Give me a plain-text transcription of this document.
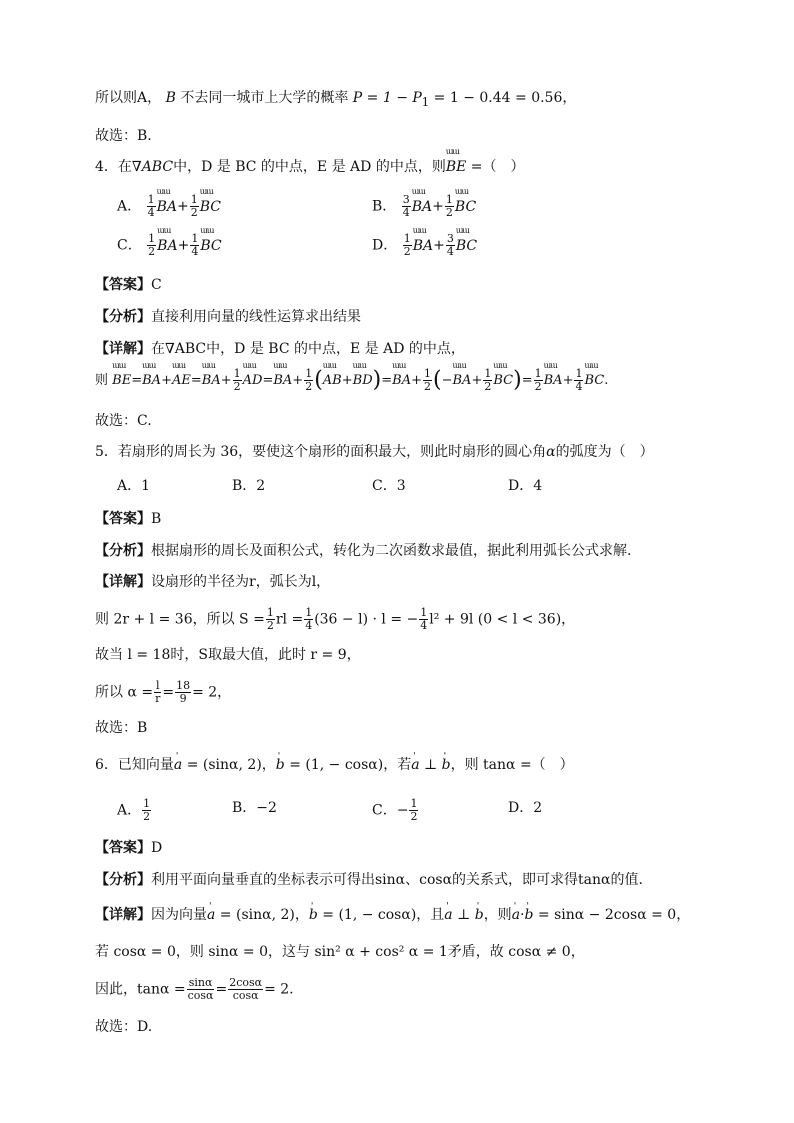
所以则A， B 不去同一城市上大学的概率 $P = 1 - P_1 = 1 - 0.44 = 0.56$，
故选：B.
4．在∇ABC中，D 是 BC 的中点，E 是 AD 的中点，则ɯɯ BE =（　）
A． $\frac{1}{4}$ ɯɯ $BA+ \frac{1}{2}$ ɯɯ BC	B． $\frac{3}{4}$ ɯɯ $BA+ \frac{1}{2}$ ɯɯ BC
C． $\frac{1}{2}$ ɯɯ $BA+ \frac{1}{4}$ ɯɯ BC	D． $\frac{1}{2}$ ɯɯ $BA+ \frac{3}{4}$ ɯɯ BC
【答案】C
【分析】直接利用向量的线性运算求出结果
【详解】在∇ABC中，D 是 BC 的中点，E 是 AD 的中点，
则 ɯɯ BE=ɯɯ BA+ɯɯ AE=ɯɯ $BA+ \frac{1}{2}$ ɯɯ AD=ɯɯ $BA+ \frac{1}{2}$ (ɯɯ AB+ɯɯ BD)=ɯɯ $BA+ \frac{1}{2}$ (−ɯɯ $BA+ \frac{1}{2}$ ɯɯ $BC)= \frac{1}{2}$ ɯɯ $BA+ \frac{1}{4}$ ɯɯ BC.
故选：C.
5．若扇形的周长为 36，要使这个扇形的面积最大，则此时扇形的圆心角α的弧度为（　）
A．1	B．2	C．3	D．4
【答案】B
【分析】根据扇形的周长及面积公式，转化为二次函数求最值，据此利用弧长公式求解.
【详解】设扇形的半径为r，弧长为l，
则 2r + l = 36，所以 $S = \frac{1}{2}$ rl = $\frac{1}{4} (36 - l) \cdot l$ = − $\frac{1}{4} l^2 + 9l$ (0 < l < 36)，
故当 l = 18时，S取最大值，此时 r = 9，
所以 $\alpha = \frac{l}{r} = \frac{18}{9} = 2$，
故选：B
6．已知向量' a = (sinα, 2)，' b = (1, − cosα)，若' a ⊥ ' b，则 tanα =（　）
A． $\frac{1}{2}$	B．−2	C．− $\frac{1}{2}$	D．2
【答案】D
【分析】利用平面向量垂直的坐标表示可得出sinα、cosα的关系式，即可求得tanα的值.
【详解】因为向量' a = (sinα, 2)，' b = (1, − cosα)，且' a ⊥ ' b，则' a·' b = sinα − 2cosα = 0，
若 cosα = 0，则 sinα = 0，这与 sin² α + cos² α = 1矛盾，故 cosα ≠ 0，
因此，$\tan\alpha = \frac{\sin\alpha}{\cos\alpha} = \frac{2\cos\alpha}{\cos\alpha} = 2$.
故选：D.
